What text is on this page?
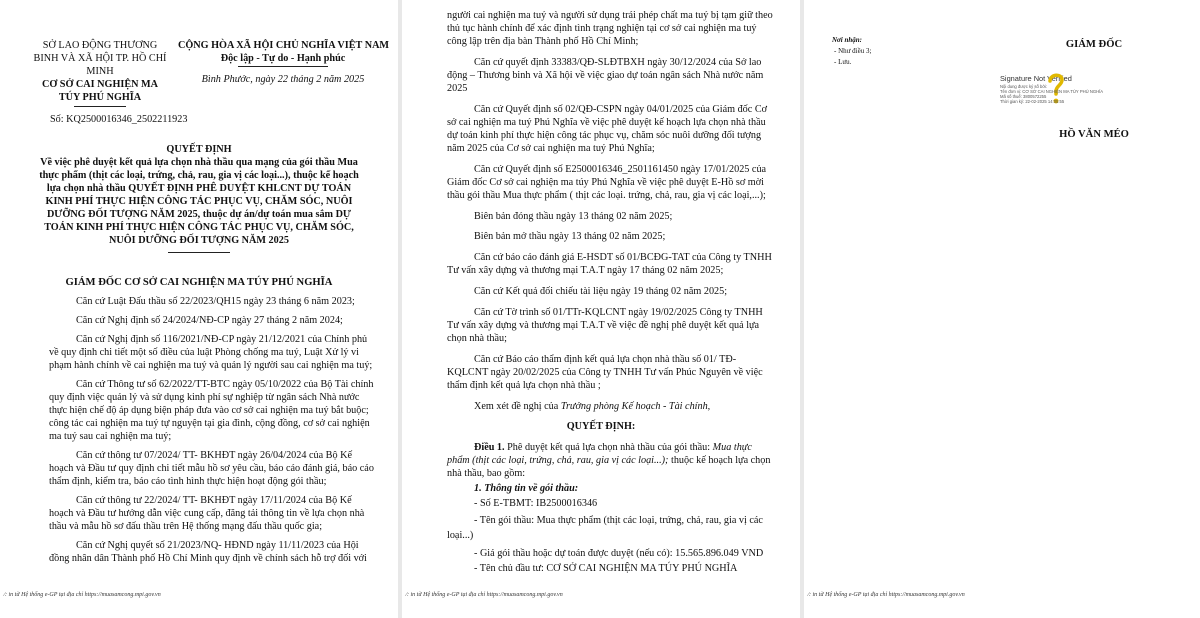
SỞ LAO ĐỘNG THƯƠNG
BINH VÀ XÃ HỘI TP. HỒ CHÍ
MINH
CƠ SỞ CAI NGHIỆN MA
TÚY PHÚ NGHĨA
CỘNG HÒA XÃ HỘI CHỦ NGHĨA VIỆT NAM
Độc lập - Tự do - Hạnh phúc
Bình Phước, ngày 22 tháng 2 năm 2025
Số: KQ2500016346_2502211923
QUYẾT ĐỊNH
Về việc phê duyệt kết quả lựa chọn nhà thầu qua mạng của gói thầu Mua
thực phẩm (thịt các loại, trứng, chả, rau, gia vị các loại...), thuộc kế hoạch
lựa chọn nhà thầu QUYẾT ĐỊNH PHÊ DUYỆT KHLCNT DỰ TOÁN
KINH PHÍ THỰC HIỆN CÔNG TÁC PHỤC VỤ, CHĂM SÓC, NUÔI
DƯỠNG ĐỐI TƯỢNG NĂM 2025, thuộc dự án/dự toán mua sắm DỰ
TOÁN KINH PHÍ THỰC HIỆN CÔNG TÁC PHỤC VỤ, CHĂM SÓC,
NUÔI DƯỠNG ĐỐI TƯỢNG NĂM 2025
GIÁM ĐỐC CƠ SỞ CAI NGHIỆN MA TÚY PHÚ NGHĨA
Căn cứ Luật Đấu thầu số 22/2023/QH15 ngày 23 tháng 6 năm 2023;
Căn cứ Nghị định số 24/2024/NĐ-CP ngày 27 tháng 2 năm 2024;
Căn cứ Nghị định số 116/2021/NĐ-CP ngày 21/12/2021 của Chính phủ
về quy định chi tiết một số điều của luật Phòng chống ma tuý, Luật Xử lý vi
phạm hành chính về cai nghiện ma tuý và quản lý người sau cai nghiện ma tuý;
Căn cứ Thông tư số 62/2022/TT-BTC ngày 05/10/2022 của Bộ Tài chính
quy định việc quản lý và sử dụng kinh phí sự nghiệp từ ngân sách Nhà nước
thực hiện chế độ áp dụng biện pháp đưa vào cơ sở cai nghiện ma tuý bắt buộc;
công tác cai nghiện ma tuý tự nguyện tại gia đình, cộng đồng, cơ sở cai nghiện
ma tuý sau cai nghiện ma tuý;
Căn cứ thông tư 07/2024/ TT- BKHĐT ngày 26/04/2024 của Bộ Kế
hoạch và Đầu tư quy định chi tiết mẫu hồ sơ yêu cầu, báo cáo đánh giá, báo cáo
thẩm định, kiểm tra, báo cáo tình hình thực hiện hoạt động gói thầu;
Căn cứ thông tư 22/2024/ TT- BKHĐT ngày 17/11/2024 của Bộ Kế
hoạch và Đầu tư hướng dẫn việc cung cấp, đăng tải thông tin về lựa chọn nhà
thầu và mẫu hồ sơ đấu thầu trên Hệ thống mạng đấu thầu quốc gia;
Căn cứ Nghị quyết số 21/2023/NQ- HĐND ngày 11/11/2023 của Hội
đồng nhân dân Thành phố Hồ Chí Minh quy định về chính sách hỗ trợ đối với
∕: in từ Hệ thống e-GP tại địa chỉ https://muasamcong.mpi.gov.vn
người cai nghiện ma tuý và người sử dụng trái phép chất ma tuý bị tạm giữ theo
thủ tục hành chính để xác định tình trạng nghiện tại cơ sở cai nghiện ma tuý
công lập trên địa bàn Thành phố Hồ Chí Minh;
Căn cứ quyết định 33383/QĐ-SLĐTBXH ngày 30/12/2024 của Sở lao
động – Thương binh và Xã hội về việc giao dự toán ngân sách Nhà nước năm
2025
Căn cứ Quyết định số 02/QĐ-CSPN ngày 04/01/2025 của Giám đốc Cơ
sở cai nghiện ma tuý Phú Nghĩa về việc phê duyệt kế hoạch lựa chọn nhà thầu
dự toán kinh phí thực hiện công tác phục vụ, chăm sóc nuôi dưỡng đối tượng
năm 2025 của Cơ sở cai nghiện ma tuý Phú Nghĩa;
Căn cứ Quyết định số E2500016346_2501161450 ngày 17/01/2025 của
Giám đốc Cơ sở cai nghiện ma túy Phú Nghĩa về việc phê duyệt E-Hồ sơ mời
thầu gói thầu Mua thực phẩm ( thịt các loại. trứng, chả, rau, gia vị các loại,...);
Biên bản đóng thầu ngày 13 tháng 02 năm 2025;
Biên bản mở thầu ngày 13 tháng 02 năm 2025;
Căn cứ báo cáo đánh giá E-HSDT số 01/BCĐG-TAT của Công ty TNHH
Tư vấn xây dựng và thương mại T.A.T ngày 17 tháng 02 năm 2025;
Căn cứ Kết quả đối chiếu tài liệu ngày 19 tháng 02 năm 2025;
Căn cứ Tờ trình số 01/TTr-KQLCNT ngày 19/02/2025 Công ty TNHH
Tư vấn xây dựng và thương mại T.A.T về việc đề nghị phê duyệt kết quả lựa
chọn nhà thầu;
Căn cứ Báo cáo thẩm định kết quả lựa chọn nhà thầu số 01/ TĐ-
KQLCNT ngày 20/02/2025 của Công ty TNHH Tư vấn Phúc Nguyên về việc
thẩm định kết quả lựa chọn nhà thầu ;
Xem xét đề nghị của Trưởng phòng Kế hoạch - Tài chính,
QUYẾT ĐỊNH:
Điều 1. Phê duyệt kết quả lựa chọn nhà thầu của gói thầu: Mua thực
phẩm (thịt các loại, trứng, chả, rau, gia vị các loại...); thuộc kế hoạch lựa chọn
nhà thầu, bao gồm:
1. Thông tin về gói thầu:
- Số E-TBMT: IB2500016346
- Tên gói thầu: Mua thực phẩm (thịt các loại, trứng, chả, rau, gia vị các
loại...)
- Giá gói thầu hoặc dự toán được duyệt (nếu có): 15.565.896.049 VND
- Tên chủ đầu tư: CƠ SỞ CAI NGHIỆN MA TÚY PHÚ NGHĨA
∕: in từ Hệ thống e-GP tại địa chỉ https://muasamcong.mpi.gov.vn
Nơi nhận:
- Như điều 3;
- Lưu.
GIÁM ĐỐC
Signature Not Verified
Nội dung được ký số bởi:
Tên đơn vị: CƠ SỞ CAI NGHIỆN MA TÚY PHÚ NGHĨA
Mã số thuế: 3800572255
Thời gian ký: 22-02-2025 14:05:55
HỒ VĂN MÉO
∕: in từ Hệ thống e-GP tại địa chỉ https://muasamcong.mpi.gov.vn
